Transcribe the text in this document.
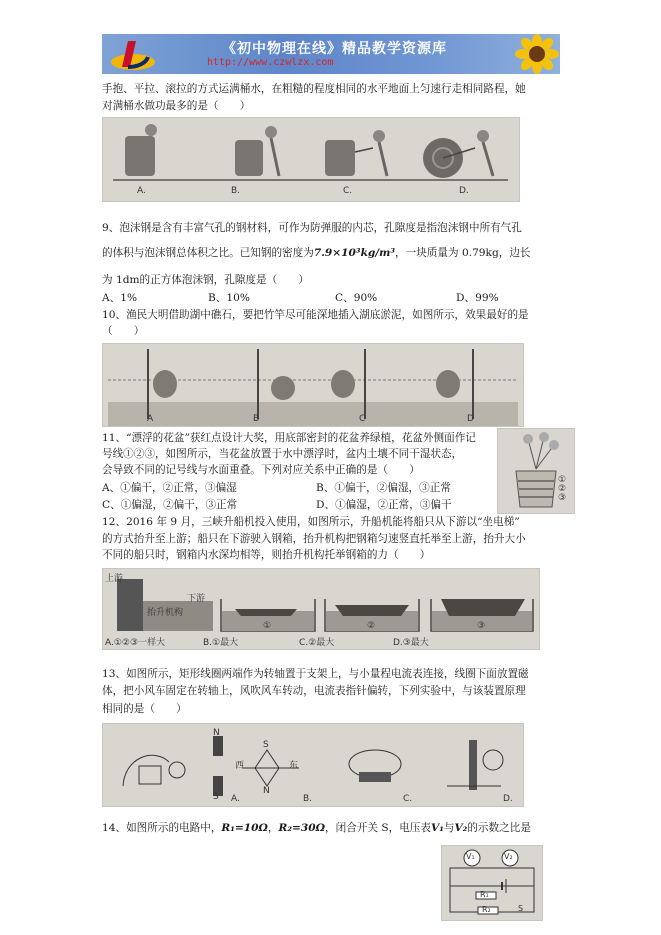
《初中物理在线》精品教学资源库
http://www.czwlzx.com
手抱、平拉、滚拉的方式运满桶水，在粗糙的程度相同的水平地面上匀速行走相同路程，她
对满桶水做功最多的是（　　）
A.	B.	C.	D.
9、泡沫钢是含有丰富气孔的钢材料，可作为防弹服的内芯，孔隙度是指泡沫钢中所有气孔
的体积与泡沫钢总体积之比。已知钢的密度为7.9×10³kg/m³，一块质量为 0.79kg，边长
为 1dm的正方体泡沫钢，孔隙度是（　　）
A、1%	B、10%	C、90%	D、99%
10、渔民大明借助湖中礁石，要把竹竿尽可能深地插入湖底淤泥，如图所示，效果最好的是
（　　）
A	B	C	D
11、“漂浮的花盆”获红点设计大奖，用底部密封的花盆养绿植，花盆外侧面作记
号线①②③，如图所示，当花盆放置于水中漂浮时，盆内土壤不同干湿状态，
会导致不同的记号线与水面重叠。下列对应关系中正确的是（　　）
A、①偏干，②正常，③偏湿	B、①偏干，②偏湿，③正常
C、①偏湿，②偏干，③正常	D、①偏湿，②正常，③偏干
①
②
③
12、2016 年 9 月，三峡升船机投入使用，如图所示，升船机能将船只从下游以“坐电梯”
的方式抬升至上游；船只在下游驶入钢箱，抬升机构把钢箱匀速竖直托举至上游，抬升大小
不同的船只时，钢箱内水深均相等，则抬升机构托举钢箱的力（　　）
上游
下游
抬升机构
①	②	③
A.①②③一样大	B.①最大	C.②最大	D.③最大
13、如图所示，矩形线圈两端作为转轴置于支架上，与小量程电流表连接，线圈下面放置磁
体，把小风车固定在转轴上，风吹风车转动，电流表指针偏转，下列实验中，与该装置原理
相同的是（　　）
N
S
西	东
S
N
A.	B.	C.	D.
14、如图所示的电路中，R₁=10Ω，R₂=30Ω，闭合开关 S，电压表V₁与V₂的示数之比是
V₁	V₂
R₁
R₂	S
